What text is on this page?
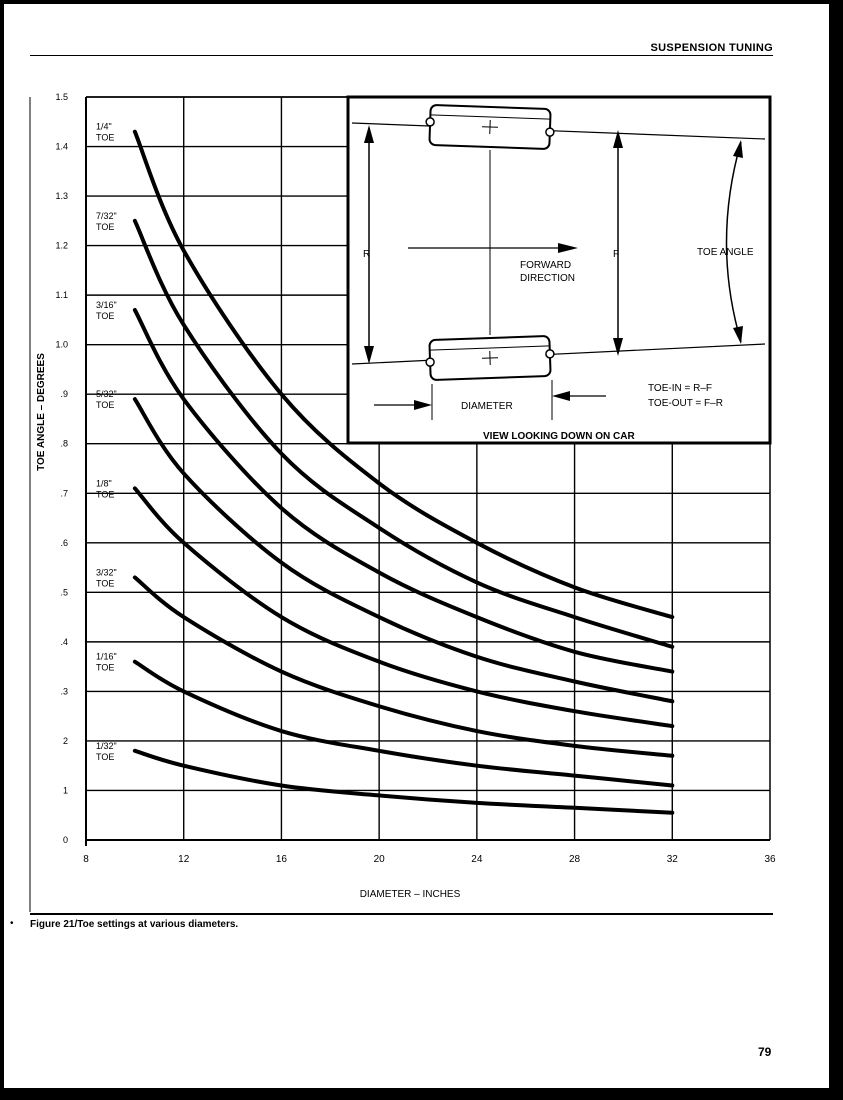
SUSPENSION TUNING
8	12	16	20	24	28	32	36
0
1
2
.3
.4
.5
.6
.7
.8
.9
1.0
1.1
1.2
1.3
1.4
1.5
1/4"
TOE
7/32"
TOE
3/16"
TOE
5/32"
TOE
1/8"
TOE
3/32"
TOE
1/16"
TOE
1/32"
TOE
R	F
FORWARD
DIRECTION
TOE ANGLE
DIAMETER
TOE-IN = R–F
TOE-OUT = F–R
VIEW LOOKING DOWN ON CAR
DIAMETER – INCHES
TOE ANGLE – DEGREES
• Figure 21/Toe settings at various diameters.
79
